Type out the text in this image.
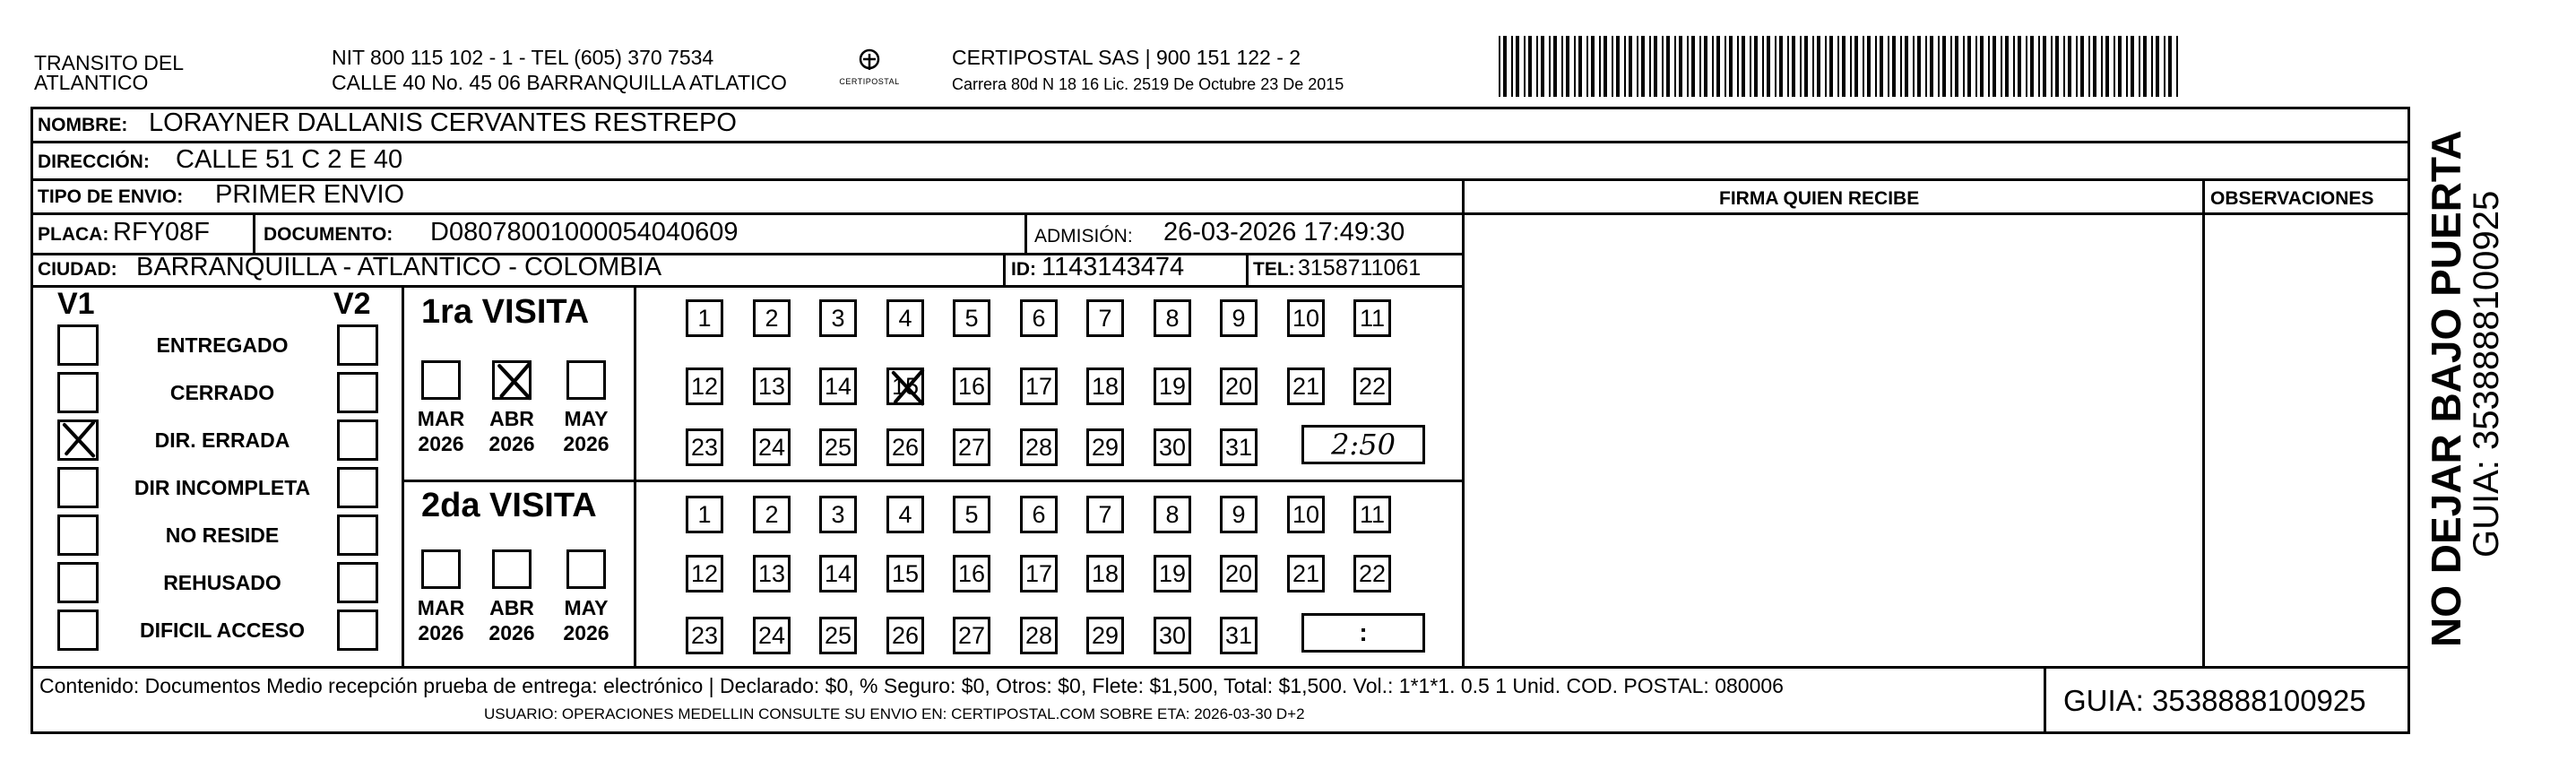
TRANSITO DEL
ATLANTICO
NIT 800 115 102 - 1 - TEL (605) 370 7534
CALLE 40 No. 45 06 BARRANQUILLA ATLATICO	CERTIPOSTAL
CERTIPOSTAL SAS | 900 151 122 - 2
Carrera 80d N 18 16 Lic. 2519 De Octubre 23 De 2015
NOMBRE: LORAYNER DALLANIS CERVANTES RESTREPO
DIRECCIÓN: CALLE 51 C 2 E 40
TIPO DE ENVIO: PRIMER ENVIO	FIRMA QUIEN RECIBE	OBSERVACIONES
PLACA: RFY08F	DOCUMENTO: D08078001000054040609	ADMISIÓN: 26-03-2026 17:49:30
CIUDAD: BARRANQUILLA - ATLANTICO - COLOMBIA	ID: 1143143474	TEL: 3158711061
V1	V2
ENTREGADO
CERRADO
DIR. ERRADA
DIR INCOMPLETA
NO RESIDE
REHUSADO
DIFICIL ACCESO
1ra VISITA
MAR
2026
ABR
2026
MAY
2026
1	2	3	4	5	6	7	8	9	10 11
12 13 14 15 16 17 18 19 20 21 22
23 24 25 26 27 28 29 30 31	2:50
2da VISITA
MAR
2026
ABR
2026
MAY
2026
1	2	3	4	5	6	7	8	9	10 11
12 13 14 15 16 17 18 19 20 21 22
23 24 25 26 27 28 29 30 31	:
Contenido: Documentos Medio recepción prueba de entrega: electrónico | Declarado: $0, % Seguro: $0, Otros: $0, Flete: $1,500, Total: $1,500. Vol.: 1*1*1. 0.5 1 Unid. COD. POSTAL: 080006
USUARIO: OPERACIONES MEDELLIN CONSULTE SU ENVIO EN: CERTIPOSTAL.COM SOBRE ETA: 2026-03-30 D+2	GUIA: 3538888100925
NO DEJAR BAJO PUERTA
GUIA: 3538888100925
